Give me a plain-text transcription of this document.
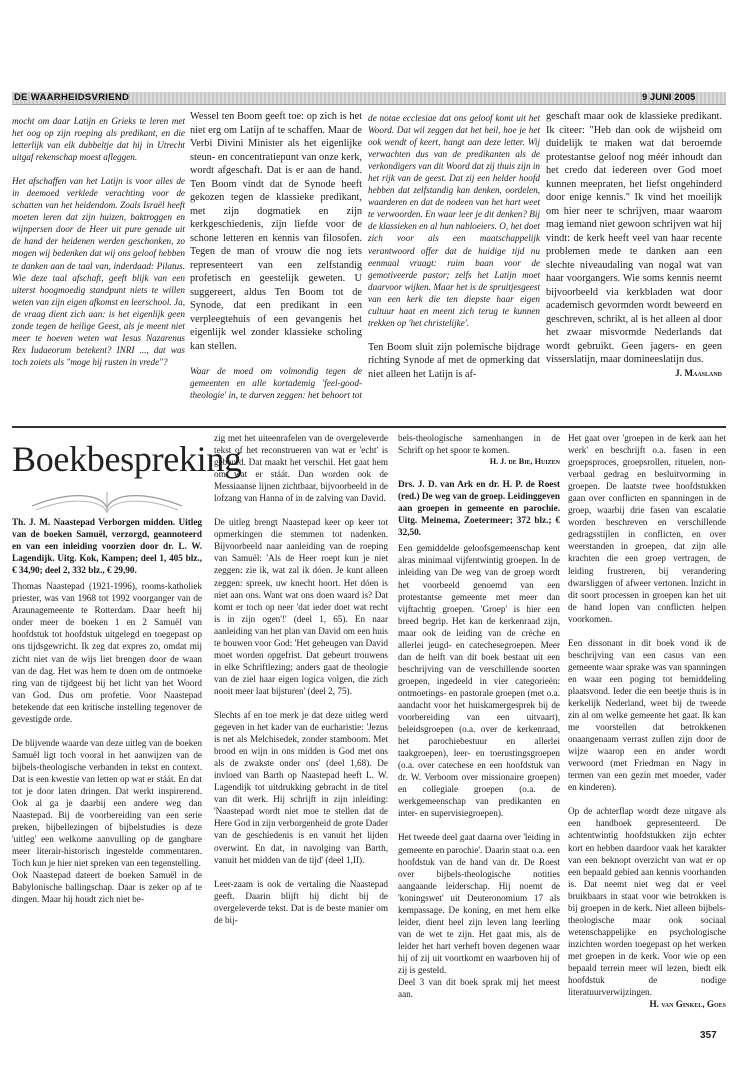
DE WAARHEIDSVRIEND	9 JUNI 2005

mocht om daar Latijn en Grieks te leren met het oog op zijn roeping als predikant, en die letterlijk van elk dubbeltje dat hij in Utrecht uitgaf rekenschap moest afleggen.

Het afschaffen van het Latijn is voor alles de in deemoed verklede verachting voor de schatten van het heidendom. Zoals Israël heeft moeten leren dat zijn huizen, baktroggen en wijnpersen door de Heer uit pure genade uit de hand der heidenen werden geschonken, zo mogen wij bedenken dat wij ons geloof hebben te danken aan de taal van, inderdaad: Pilatus. Wie deze taal afschaft, geeft blijk van een uiterst hoogmoedig standpunt niets te willen weten van zijn eigen afkomst en leerschool. Ja, de vraag dient zich aan: is het eigenlijk geen zonde tegen de heilige Geest, als je meent niet meer te hoeven weten wat Iesus Nazarenus Rex Iudaeorum betekent? INRI ..., dat was toch zoiets als "moge hij rusten in vrede"?

Wessel ten Boom geeft toe: op zich is het niet erg om Latijn af te schaffen. Maar de Verbi Divini Minister als het eigenlijke steun- en concentratiepunt van onze kerk, wordt afgeschaft. Dat is er aan de hand. Ten Boom vindt dat de Synode heeft gekozen tegen de klassieke predikant, met zijn dogmatiek en zijn kerkgeschiedenis, zijn liefde voor de schone letteren en kennis van filosofen. Tegen de man of vrouw die nog iets representeert van een zelfstandig profetisch en geestelijk geweten. U suggereert, aldus Ten Boom tot de Synode, dat een predikant in een verpleegtehuis of een gevangenis het eigenlijk wel zonder klassieke scholing kan stellen.

Waar de moed om volmondig tegen de gemeenten en alle kortademig 'feel-good-theologie' in, te durven zeggen: het behoort tot

de notae ecclesiae dat ons geloof komt uit het Woord. Dat wil zeggen dat het heil, hoe je het ook wendt of keert, hangt aan deze letter. Wij verwachten dus van de predikanten als de verkondigers van dit Woord dat zij thuis zijn in het rijk van de geest. Dat zij een helder hoofd hebben dat zelfstandig kan denken, oordelen, waarderen en dat de nodeen van het hart weet te verwoorden. En waar leer je dit denken? Bij de klassieken en al hun nabloeiers. O, het doet zich voor als een maatschappelijk verantwoord offer dat de huidige tijd nu eenmaal vraagt: ruim baan voor de gemotiveerde pastor; zelfs het Latijn moet daarvoor wijken. Maar het is de spruitjesgeest van een kerk die ten diepste haar eigen cultuur haat en meent zich terug te kunnen trekken op 'het christelijke'.

Ten Boom sluit zijn polemische bijdrage richting Synode af met de opmerking dat niet alleen het Latijn is af-

geschaft maar ook de klassieke predikant. Ik citeer: "Heb dan ook de wijsheid om duidelijk te maken wat dat beroemde protestantse geloof nog méér inhoudt dan het credo dat iedereen over God moet kunnen meepraten, het liefst ongehinderd door enige kennis." Ik vind het moeilijk om hier neer te schrijven, maar waarom mag iemand niet gewoon schrijven wat hij vindt: de kerk heeft veel van haar recente problemen mede te danken aan een slechte niveaudaling van nogal wat van haar voorgangers. Wie soms kennis neemt bijvoorbeeld via kerkbladen wat door academisch gevormden wordt beweerd en geschreven, schrikt, al is het alleen al door het zwaar misvormde Nederlands dat wordt gebruikt. Geen jagers- en geen visserslatijn, maar domineeslatijn dus.

J. Maasland
Boekbespreking

Th. J. M. Naastepad Verborgen midden. Uitleg van de boeken Samuël, verzorgd, geannoteerd en van een inleiding voorzien door dr. L. W. Lagendijk. Uitg. Kok, Kampen; deel 1, 405 blz., € 34,90; deel 2, 332 blz., € 29,90.

Thomas Naastepad (1921-1996), rooms-katholiek priester, was van 1968 tot 1992 voorganger van de Araunagemeente te Rotterdam. Daar heeft hij onder meer de boeken 1 en 2 Samuël van hoofdstuk tot hoofdstuk uitgelegd en toegepast op ons tijdsgewricht. Ik zeg dat expres zo, omdat mij zicht niet van de wijs liet brengen door de waan van de dag. Het was hem te doen om de ontmoeke ring van de tijdgeest bij het licht van het Woord van God. Dus om profetie. Voor Naastepad betekende dat een kritische instelling tegenover de gevestigde orde.

De blijvende waarde van deze uitleg van de boeken Samuël ligt toch vooral in het aanwijzen van de bijbels-theologische verbanden in tekst en context. Dat is een kwestie van letten op wat er stáát. En dat tot je door laten dringen. Dat werkt inspirerend. Ook al ga je daarbij een andere weg dan Naastepad. Bij de voorbereiding van een serie preken, bijbellezingen of bijbelstudies is deze 'uitleg' een welkome aanvulling op de gangbare meer literair-historisch ingestelde commentaren. Toch kun je hier niet spreken van een tegenstelling.

Ook Naastepad dateert de boeken Samuël in de Babylonische ballingschap. Daar is zeker op af te dingen. Maar hij houdt zich niet be-

zig met het uiteenrafelen van de overgeleverde tekst of het reconstrueren van wat er 'echt' is gebeurd. Dat maakt het verschil. Het gaat hem om wat er stáát. Dan worden ook de Messiaanse lijnen zichtbaar, bijvoorbeeld in de lofzang van Hanna of in de zalving van David.

De uitleg brengt Naastepad keer op keer tot opmerkingen die stemmen tot nadenken. Bijvoorbeeld naar aanleiding van de roeping van Samuël: 'Als de Heer roept kun je niet zeggen: zie ik, wat zal ik dóen. Je kunt alleen zeggen: spreek, uw knecht hoort. Het dóen is niet aan ons. Want wat ons doen waard is? Dat komt er toch op neer 'dat ieder doet wat recht is in zijn ogen'!' (deel 1, 65). En naar aanleiding van het plan van David om een huis te bouwen voor God: 'Het geheugen van David moet worden opgefrist. Dat gebeurt trouwens in elke Schriftlezing; anders gaat de theologie van de ziel haar eigen logica volgen, die zich nooit meer laat bijsturen' (deel 2, 75).

Slechts af en toe merk je dat deze uitleg werd gegeven in het kader van de eucharistie: 'Jezus is net als Melchisedek, zonder stamboom. Met brood en wijn in ons midden is God met ons als de zwakste onder ons' (deel 1,68). De invloed van Barth op Naastepad heeft L. W. Lagendijk tot uitdrukking gebracht in de titel van dit werk. Hij schrijft in zijn inleiding: 'Naastepad wordt niet moe te stellen dat de Here God in zijn verborgenheid de grote Dader van de geschiedenis is en vanuit het lijden overwint. En dat, in navolging van Barth, vanuit het midden van de tijd' (deel 1,II).

Leer-zaam is ook de vertaling die Naastepad geeft. Daarin blijft hij dicht bij de overgeleverde tekst. Dat is de beste manier om de bij-

bels-theologische samenhangen in de Schrift op het spoor te komen.

H. J. de Bie, Huizen

Drs. J. D. van Ark en dr. H. P. de Roest (red.) De weg van de groep. Leidinggeven aan groepen in gemeente en parochie. Uitg. Meinema, Zoetermeer; 372 blz.; € 32,50.

Een gemiddelde geloofsgemeenschap kent alras minimaal vijfentwintig groepen. In de inleiding van De weg van de groep wordt het voorbeeld genoemd van een protestantse gemeente met meer dan vijftachtig groepen. 'Groep' is hier een breed begrip. Het kan de kerkenraad zijn, maar ook de leiding van de crèche en allerlei jeugd- en catechesegroepen. Meer dan de helft van dit boek bestaat uit een beschrijving van de verschillende soorten groepen, ingedeeld in vier categorieën: ontmoetings- en pastorale groepen (met o.a. aandacht voor het huiskamergesprek bij de voorbereiding van een uitvaart), beleidsgroepen (o.a. over de kerkenraad, het parochiebestuur en allerlei taakgroepen), leer- en toerustingsgroepen (o.a. over catechese en een hoofdstuk van dr. W. Verboom over missionaire groepen) en collegiale groepen (o.a. de werkgemeenschap van predikanten en inter- en supervisiegroepen).

Het tweede deel gaat daarna over 'leiding in gemeente en parochie'. Daarin staat o.a. een hoofdstuk van de hand van dr. De Roest over bijbels-theologische notities aangaande leiderschap. Hij noemt de 'koningswet' uit Deuteronomium 17 als kempassage. De koning, en met hem elke leider, dient heel zijn leven lang leerling van de wet te zijn. Het gaat mis, als de leider het hart verheft boven degenen waar hij of zij uit voortkomt en waarboven hij of zij is gesteld.

Deel 3 van dit boek sprak mij het meest aan.

Het gaat over 'groepen in de kerk aan het werk' en beschrijft o.a. fasen in een groepsproces, groepsrollen, rituelen, non-verbaal gedrag en besluitvorming in groepen. De laatste twee hoofdstukken gaan over conflicten en spanningen in de groep, waarbij drie fasen van escalatie worden beschreven en verschillende gedragsstijlen in conflicten, en over weerstanden in groepen, dat zijn alle krachten die een groep vertragen, de leiding frustreren, bij verandering dwarsliggen of afweer vertonen. Inzicht in dit soort processen in groepen kan het uit de hand lopen van conflicten helpen voorkomen.

Een dissonant in dit boek vond ik de beschrijving van een casus van een gemeente waar sprake was van spanningen en waar een poging tot bemiddeling plaatsvond. Ieder die een beetje thuis is in kerkelijk Nederland, weet bij de tweede zin al om welke gemeente het gaat. Ik kan me voorstellen dat betrokkenen onaangenaam verrast zullen zijn door de wijze waarop een en ander wordt verwoord (met Friedman en Nagy in termen van een gezin met moeder, vader en kinderen).

Op de achterflap wordt deze uitgave als een handboek gepresenteerd. De achtentwintig hoofdstukken zijn echter kort en hebben daardoor vaak het karakter van een beknopt overzicht van wat er op een bepaald gebied aan kennis voorhanden is. Dat neemt niet weg dat er veel bruikbaars in staat voor wie betrokken is bij groepen in de kerk. Niet alleen bijbels-theologische maar ook sociaal wetenschappelijke en psychologische inzichten worden toegepast op het werken met groepen in de kerk. Voor wie op een bepaald terrein meer wil lezen, biedt elk hoofdstuk de nodige literatuurverwijzingen.

H. van Ginkel, Goes
357
